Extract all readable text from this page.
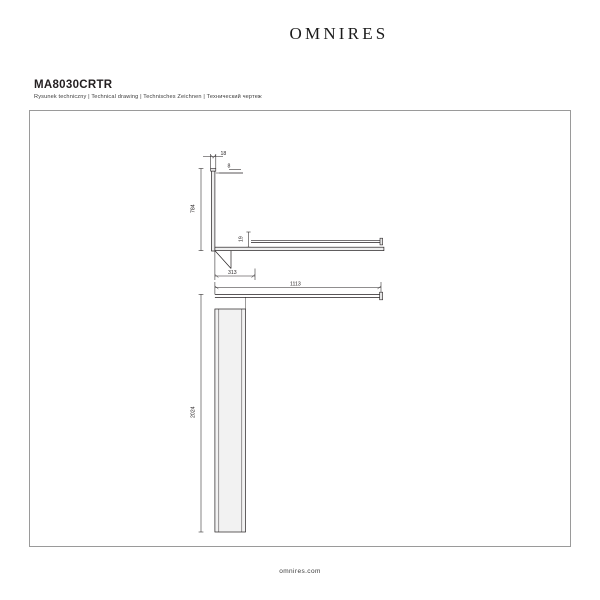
OMNIRES
MA8030CRTR
Rysunek techniczny | Technical drawing | Technisches Zeichnen | Технический чертеж
18
8
784
19
313
1113
2024
omnires.com
